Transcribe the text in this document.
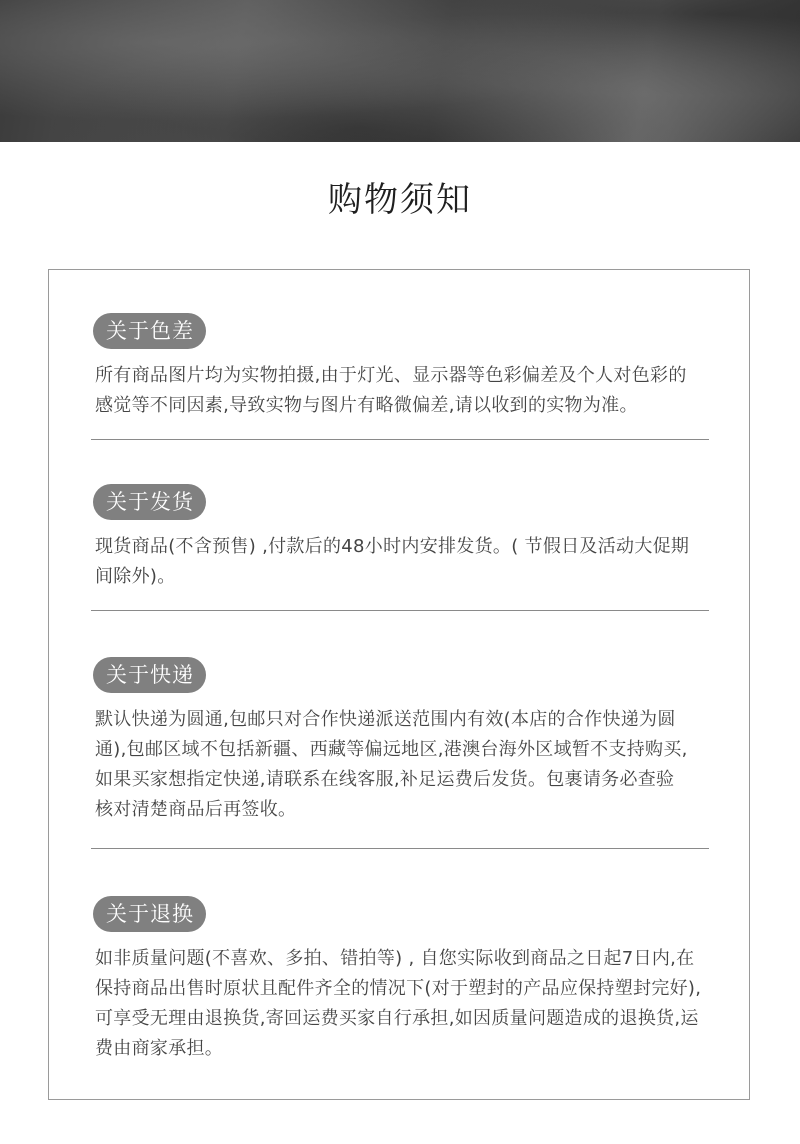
购物须知
关于色差
所有商品图片均为实物拍摄,由于灯光、显示器等色彩偏差及个人对色彩的
感觉等不同因素,导致实物与图片有略微偏差,请以收到的实物为准。
关于发货
现货商品(不含预售) ,付款后的48小时内安排发货。( 节假日及活动大促期
间除外)。
关于快递
默认快递为圆通,包邮只对合作快递派送范围内有效(本店的合作快递为圆
通),包邮区域不包括新疆、西藏等偏远地区,港澳台海外区域暂不支持购买,
如果买家想指定快递,请联系在线客服,补足运费后发货。包裹请务必查验
核对清楚商品后再签收。
关于退换
如非质量问题(不喜欢、多拍、错拍等) , 自您实际收到商品之日起7日内,在
保持商品出售时原状且配件齐全的情况下(对于塑封的产品应保持塑封完好),
可享受无理由退换货,寄回运费买家自行承担,如因质量问题造成的退换货,运
费由商家承担。
